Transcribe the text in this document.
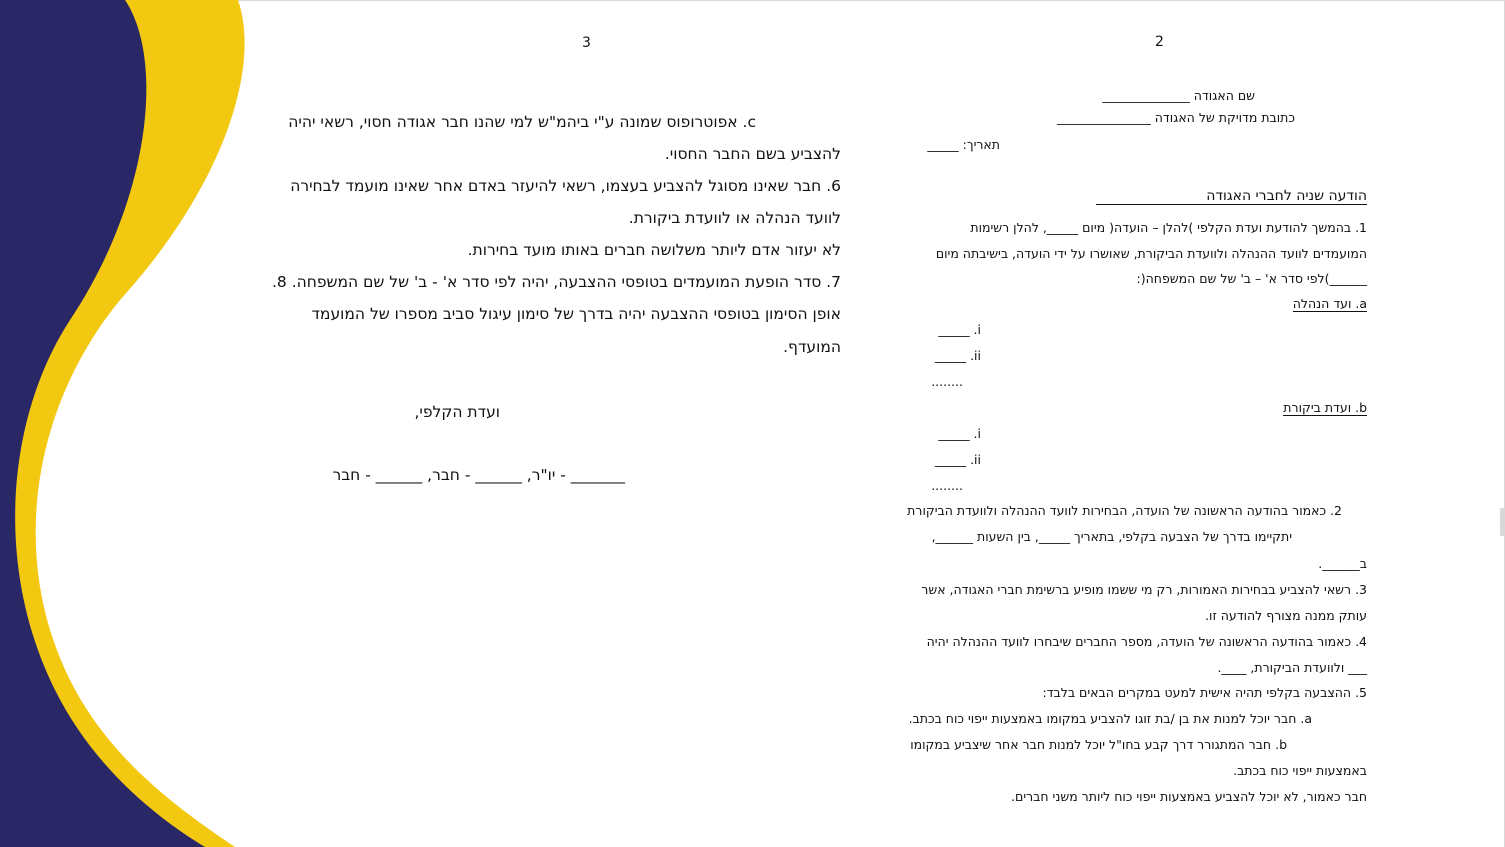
3
c. אפוטרופוס שמונה ע"י ביהמ"ש למי שהנו חבר אגודה חסוי, רשאי יהיה
להצביע בשם החבר החסוי.
6. חבר שאינו מסוגל להצביע בעצמו, רשאי להיעזר באדם אחר שאינו מועמד לבחירה
לוועד הנהלה או לוועדת ביקורת.
לא יעזור אדם ליותר משלושה חברים באותו מועד בחירות.
7. סדר הופעת המועמדים בטופסי ההצבעה, יהיה לפי סדר א' - ב' של שם המשפחה. 8.
אופן הסימון בטופסי ההצבעה יהיה בדרך של סימון עיגול סביב מספרו של המועמד
המועדף.
ועדת הקלפי,
_______ - יו"ר, ______ - חבר, ______ - חבר
2
שם האגודה ______________
כתובת מדויקת של האגודה _______________
תאריך: _____
הודעה שניה לחברי האגודה
1. בהמשך להודעת ועדת הקלפי )להלן – הועדה( מיום _____, להלן רשימות
המועמדים לוועד ההנהלה ולוועדת הביקורת, שאושרו על ידי הועדה, בישיבתה מיום
______)לפי סדר א' – ב' של שם המשפחה(:
a. ועד הנהלה
i. _____
ii. _____
........
b. ועדת ביקורת
i. _____
ii. _____
........
2. כאמור בהודעה הראשונה של הועדה, הבחירות לוועד ההנהלה ולוועדת הביקורת
יתקיימו בדרך של הצבעה בקלפי, בתאריך _____, בין השעות ______,
ב______.
3. רשאי להצביע בבחירות האמורות, רק מי ששמו מופיע ברשימת חברי האגודה, אשר
עותק ממנה מצורף להודעה זו.
4. כאמור בהודעה הראשונה של הועדה, מספר החברים שיבחרו לוועד ההנהלה יהיה
___ ולוועדת הביקורת, ____.
5. ההצבעה בקלפי תהיה אישית למעט במקרים הבאים בלבד:
a. חבר יוכל למנות את בן /בת זוגו להצביע במקומו באמצעות ייפוי כוח בכתב.
b. חבר המתגורר דרך קבע בחו"ל יוכל למנות חבר אחר שיצביע במקומו
באמצעות ייפוי כוח בכתב.
חבר כאמור, לא יוכל להצביע באמצעות ייפוי כוח ליותר משני חברים.
